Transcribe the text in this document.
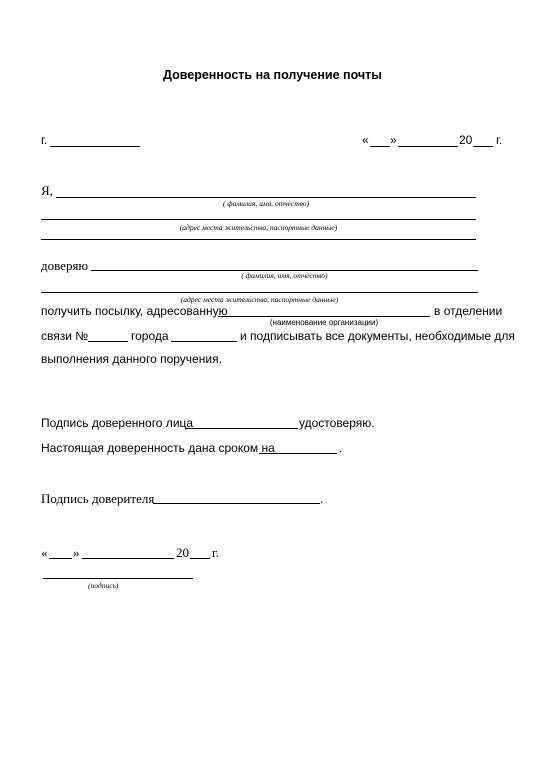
Доверенность на получение почты
г.	« »	20 г.
Я,
( фамилия, имя, отчество)
(адрес места жительства, паспортные данные)
доверяю
( фамилия, имя, отчество)
(адрес места жительства, паспортные данные)
получить посылку, адресованную	в отделении
(наименование организации)
связи №	города	и подписывать все документы, необходимые для
выполнения данного поручения.
Подпись доверенного лица	удостоверяю.
Настоящая доверенность дана сроком на	.
Подпись доверителя	.
« »	20 г.
(подпись)
